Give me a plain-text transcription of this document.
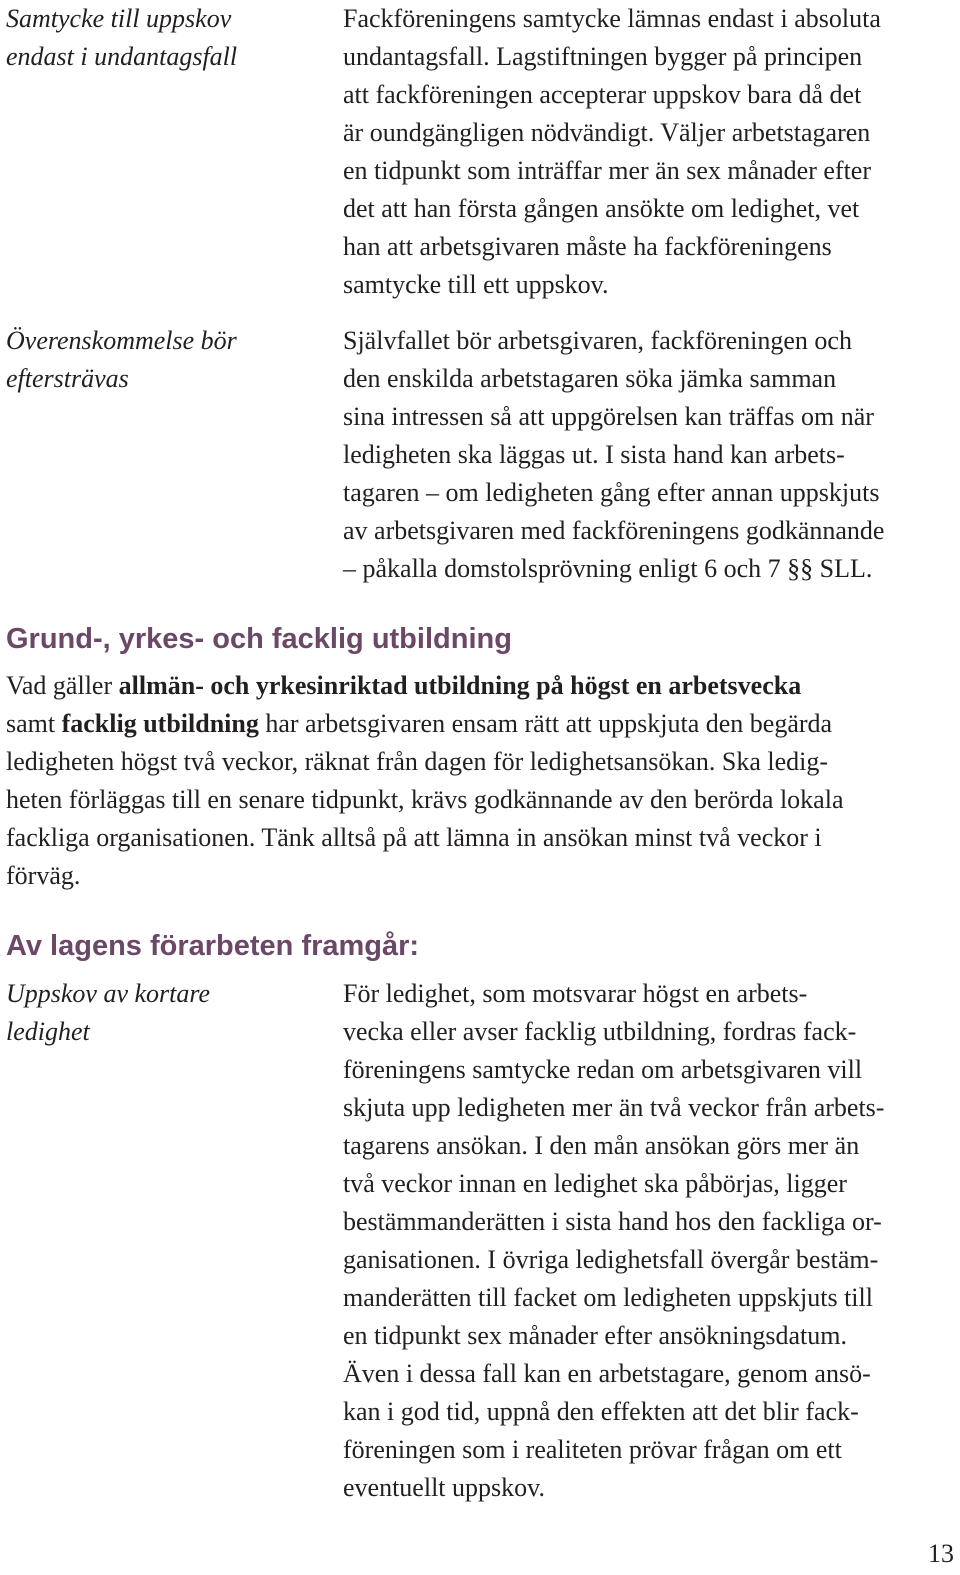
Samtycke till uppskov
endast i undantagsfall
Fackföreningens samtycke lämnas endast i absoluta
undantagsfall. Lagstiftningen bygger på principen
att fackföreningen accepterar uppskov bara då det
är oundgängligen nödvändigt. Väljer arbetstagaren
en tidpunkt som inträffar mer än sex månader efter
det att han första gången ansökte om ledighet, vet
han att arbetsgivaren måste ha fackföreningens
samtycke till ett uppskov.
Överenskommelse bör
eftersträvas
Självfallet bör arbetsgivaren, fackföreningen och
den enskilda arbetstagaren söka jämka samman
sina intressen så att uppgörelsen kan träffas om när
ledigheten ska läggas ut. I sista hand kan arbets-
tagaren – om ledigheten gång efter annan uppskjuts
av arbetsgivaren med fackföreningens godkännande
– påkalla domstolsprövning enligt 6 och 7 §§ SLL.
Grund-, yrkes- och facklig utbildning
Vad gäller allmän- och yrkesinriktad utbildning på högst en arbetsvecka
samt facklig utbildning har arbetsgivaren ensam rätt att uppskjuta den begärda
ledigheten högst två veckor, räknat från dagen för ledighetsansökan. Ska ledig-
heten förläggas till en senare tidpunkt, krävs godkännande av den berörda lokala
fackliga organisationen. Tänk alltså på att lämna in ansökan minst två veckor i
förväg.
Av lagens förarbeten framgår:
Uppskov av kortare
ledighet
För ledighet, som motsvarar högst en arbets-
vecka eller avser facklig utbildning, fordras fack-
föreningens samtycke redan om arbetsgivaren vill
skjuta upp ledigheten mer än två veckor från arbets-
tagarens ansökan. I den mån ansökan görs mer än
två veckor innan en ledighet ska påbörjas, ligger
bestämmanderätten i sista hand hos den fackliga or-
ganisationen. I övriga ledighetsfall övergår bestäm-
manderätten till facket om ledigheten uppskjuts till
en tidpunkt sex månader efter ansökningsdatum.
Även i dessa fall kan en arbetstagare, genom ansö-
kan i god tid, uppnå den effekten att det blir fack-
föreningen som i realiteten prövar frågan om ett
eventuellt uppskov.
13
